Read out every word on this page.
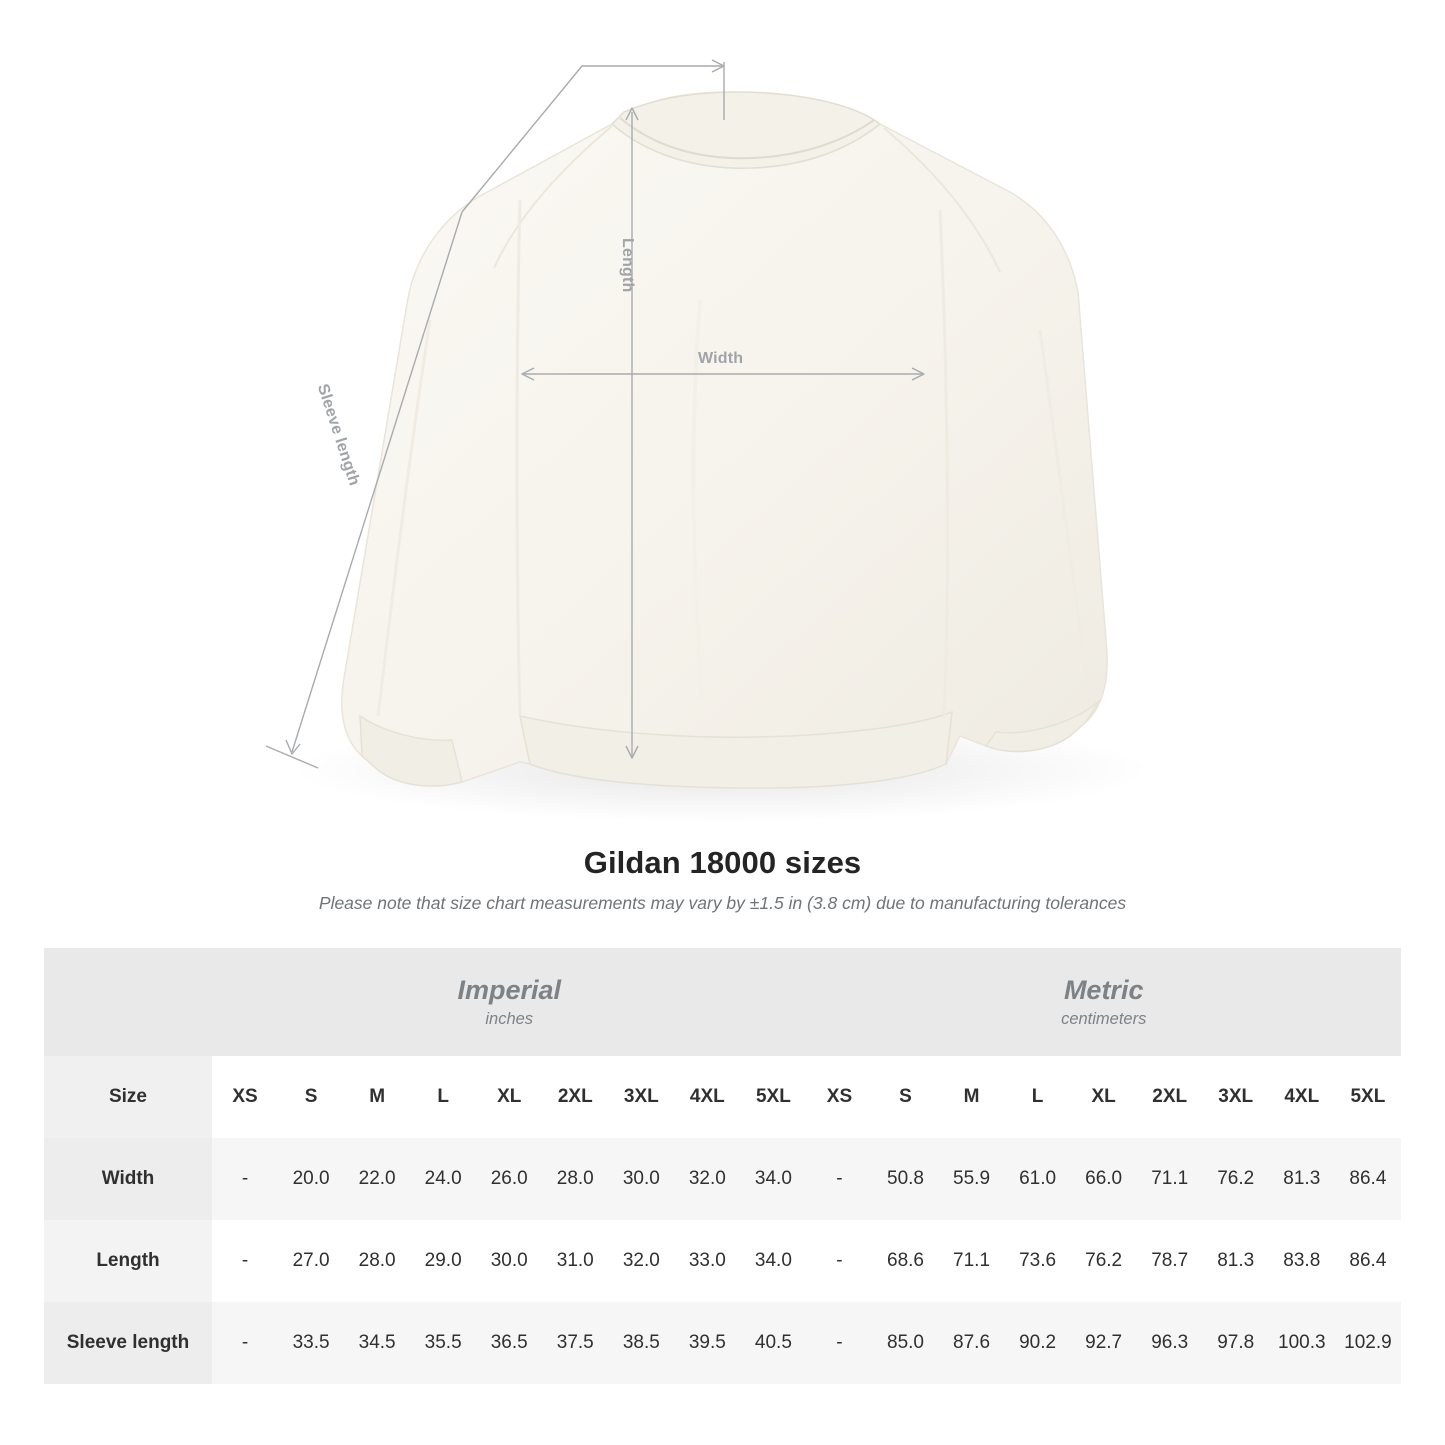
Length
Sleeve length
Width
Gildan 18000 sizes

Please note that size chart measurements may vary by ±1.5 in (3.8 cm) due to manufacturing tolerances

Imperial
inches

Metric
centimeters

Size	XS	S	M	L	XL	2XL	3XL	4XL	5XL	XS	S	M	L	XL	2XL	3XL	4XL	5XL
Width	-	20.0	22.0	24.0	26.0	28.0	30.0	32.0	34.0	-	50.8	55.9	61.0	66.0	71.1	76.2	81.3	86.4
Length	-	27.0	28.0	29.0	30.0	31.0	32.0	33.0	34.0	-	68.6	71.1	73.6	76.2	78.7	81.3	83.8	86.4
Sleeve length	-	33.5	34.5	35.5	36.5	37.5	38.5	39.5	40.5	-	85.0	87.6	90.2	92.7	96.3	97.8	100.3	102.9
